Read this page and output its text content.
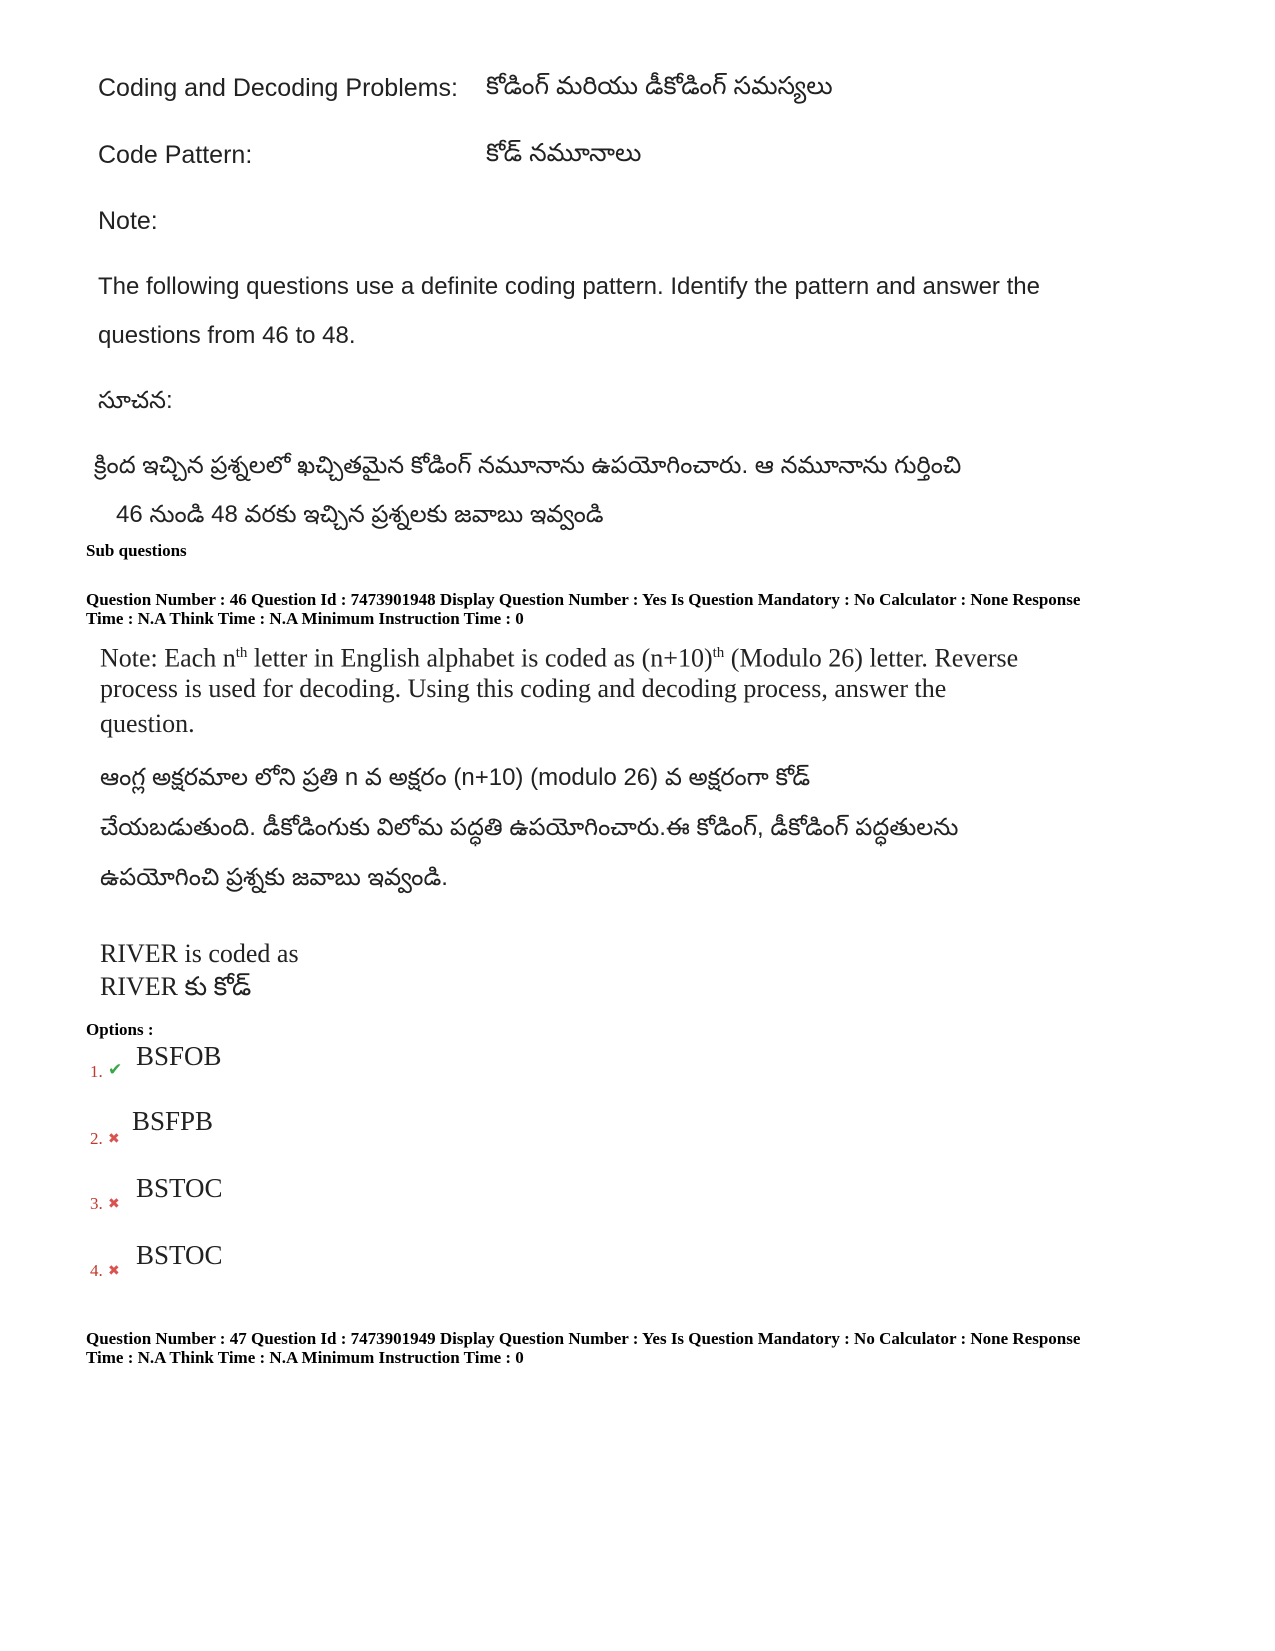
Coding and Decoding Problems: కోడింగ్ మరియు డీకోడింగ్ సమస్యలు
Code Pattern:	కోడ్ నమూనాలు
Note:
The following questions use a definite coding pattern. Identify the pattern and answer the
questions from 46 to 48.
సూచన:
క్రింద ఇచ్చిన ప్రశ్నలలో ఖచ్చితమైన కోడింగ్ నమూనాను ఉపయోగించారు. ఆ నమూనాను గుర్తించి
46 నుండి 48 వరకు ఇచ్చిన ప్రశ్నలకు జవాబు ఇవ్వండి
Sub questions
Question Number : 46 Question Id : 7473901948 Display Question Number : Yes Is Question Mandatory : No Calculator : None Response
Time : N.A Think Time : N.A Minimum Instruction Time : 0
Note: Each $n^{th}$ letter in English alphabet is coded as $(n+10)^{th}$ (Modulo 26) letter. Reverse
process is used for decoding. Using this coding and decoding process, answer the
question.
ఆంగ్ల అక్షరమాల లోని ప్రతి n వ అక్షరం (n+10) (modulo 26) వ అక్షరంగా కోడ్
చేయబడుతుంది. డీకోడింగుకు విలోమ పద్ధతి ఉపయోగించారు.ఈ కోడింగ్, డీకోడింగ్ పద్ధతులను
ఉపయోగించి ప్రశ్నకు జవాబు ఇవ్వండి.
RIVER is coded as
RIVER కు కోడ్
Options :
1. ✔ BSFOB
2. ✖
BSFPB
3. ✖
BSTOC
4. ✖
BSTOC
Question Number : 47 Question Id : 7473901949 Display Question Number : Yes Is Question Mandatory : No Calculator : None Response
Time : N.A Think Time : N.A Minimum Instruction Time : 0
